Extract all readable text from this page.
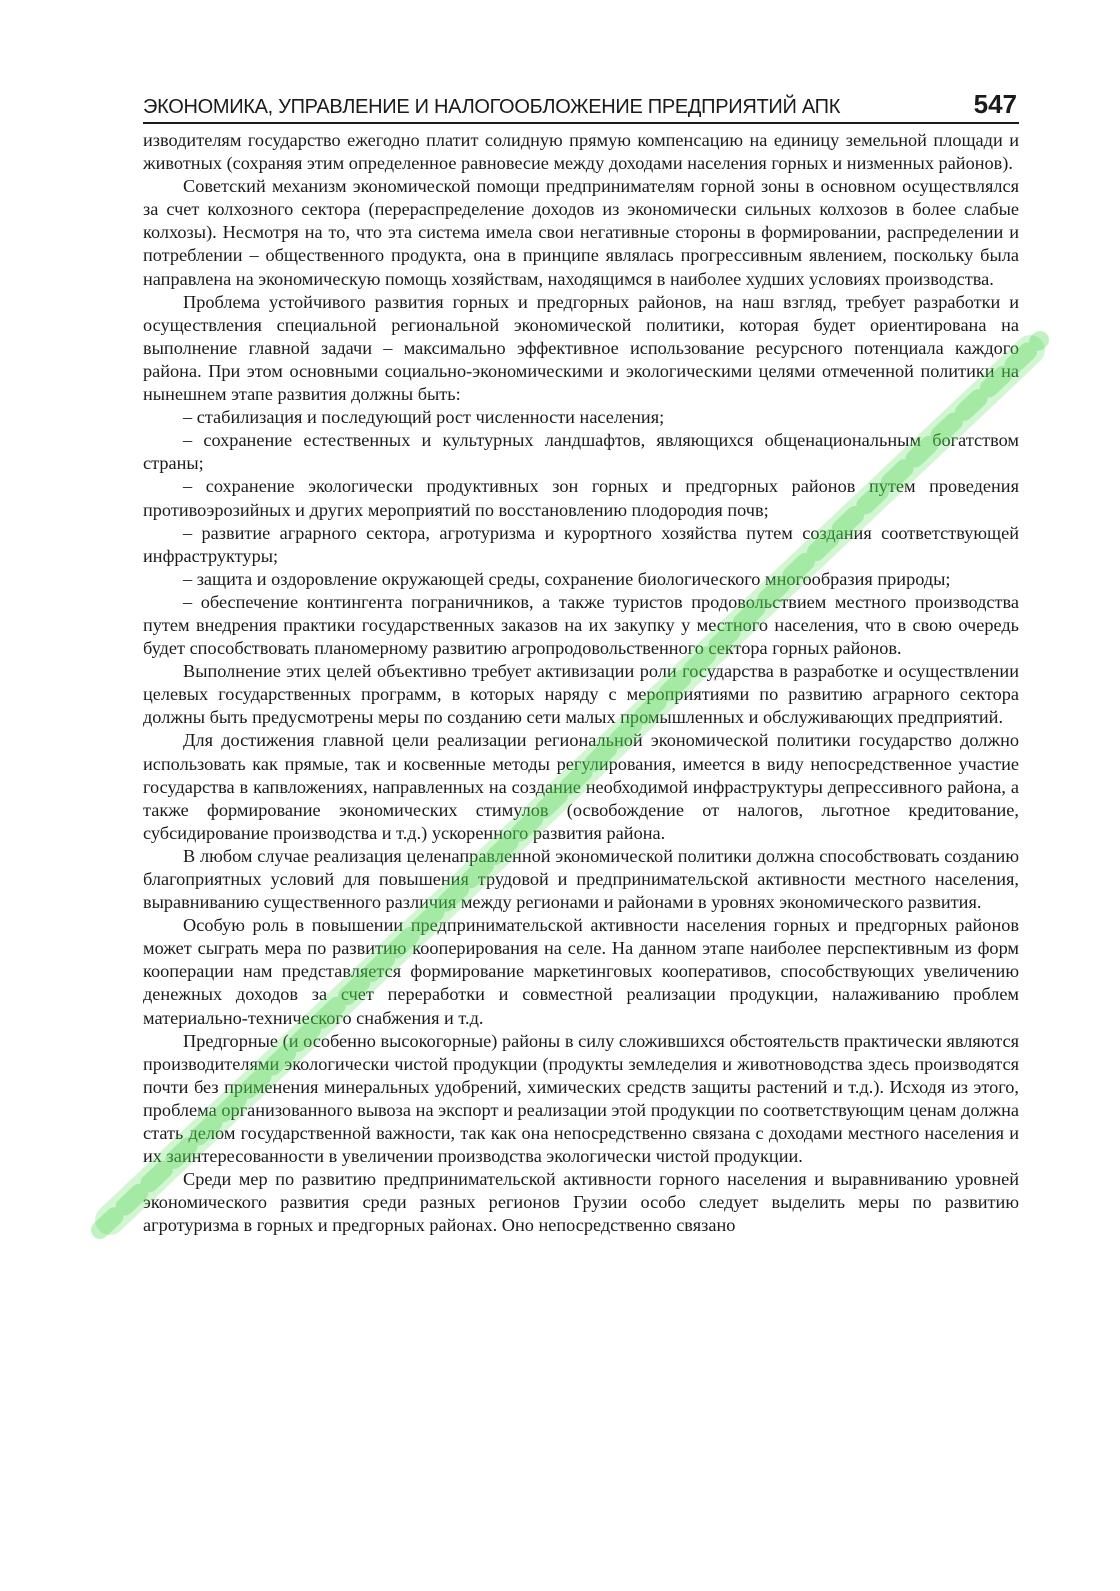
ЭКОНОМИКА, УПРАВЛЕНИЕ И НАЛОГООБЛОЖЕНИЕ ПРЕДПРИЯТИЙ АПК	547

изводителям государство ежегодно платит солидную прямую компенсацию на единицу земельной площади и животных (сохраняя этим определенное равновесие между доходами населения горных и низменных районов).

Советский механизм экономической помощи предпринимателям горной зоны в основном осуществлялся за счет колхозного сектора (перераспределение доходов из экономически сильных колхозов в более слабые колхозы). Несмотря на то, что эта система имела свои негативные стороны в формировании, распределении и потреблении – общественного продукта, она в принципе являлась прогрессивным явлением, поскольку была направлена на экономическую помощь хозяйствам, находящимся в наиболее худших условиях производства.

Проблема устойчивого развития горных и предгорных районов, на наш взгляд, требует разработки и осуществления специальной региональной экономической политики, которая будет ориентирована на выполнение главной задачи – максимально эффективное использование ресурсного потенциала каждого района. При этом основными социально-экономическими и экологическими целями отмеченной политики на нынешнем этапе развития должны быть:

– стабилизация и последующий рост численности населения;

– сохранение естественных и культурных ландшафтов, являющихся общенациональным богатством страны;

– сохранение экологически продуктивных зон горных и предгорных районов путем проведения противоэрозийных и других мероприятий по восстановлению плодородия почв;

– развитие аграрного сектора, агротуризма и курортного хозяйства путем создания соответствующей инфраструктуры;

– защита и оздоровление окружающей среды, сохранение биологического многообразия природы;

– обеспечение контингента пограничников, а также туристов продовольствием местного производства путем внедрения практики государственных заказов на их закупку у местного населения, что в свою очередь будет способствовать планомерному развитию агропродовольственного сектора горных районов.

Выполнение этих целей объективно требует активизации роли государства в разработке и осуществлении целевых государственных программ, в которых наряду с мероприятиями по развитию аграрного сектора должны быть предусмотрены меры по созданию сети малых промышленных и обслуживающих предприятий.

Для достижения главной цели реализации региональной экономической политики государство должно использовать как прямые, так и косвенные методы регулирования, имеется в виду непосредственное участие государства в капвложениях, направленных на создание необходимой инфраструктуры депрессивного района, а также формирование экономических стимулов (освобождение от налогов, льготное кредитование, субсидирование производства и т.д.) ускоренного развития района.

В любом случае реализация целенаправленной экономической политики должна способствовать созданию благоприятных условий для повышения трудовой и предпринимательской активности местного населения, выравниванию существенного различия между регионами и районами в уровнях экономического развития.

Особую роль в повышении предпринимательской активности населения горных и предгорных районов может сыграть мера по развитию кооперирования на селе. На данном этапе наиболее перспективным из форм кооперации нам представляется формирование маркетинговых кооперативов, способствующих увеличению денежных доходов за счет переработки и совместной реализации продукции, налаживанию проблем материально-технического снабжения и т.д.

Предгорные (и особенно высокогорные) районы в силу сложившихся обстоятельств практически являются производителями экологически чистой продукции (продукты земледелия и животноводства здесь производятся почти без применения минеральных удобрений, химических средств защиты растений и т.д.). Исходя из этого, проблема организованного вывоза на экспорт и реализации этой продукции по соответствующим ценам должна стать делом государственной важности, так как она непосредственно связана с доходами местного населения и их заинтересованности в увеличении производства экологически чистой продукции.

Среди мер по развитию предпринимательской активности горного населения и выравниванию уровней экономического развития среди разных регионов Грузии особо следует выделить меры по развитию агротуризма в горных и предгорных районах. Оно непосредственно связано
